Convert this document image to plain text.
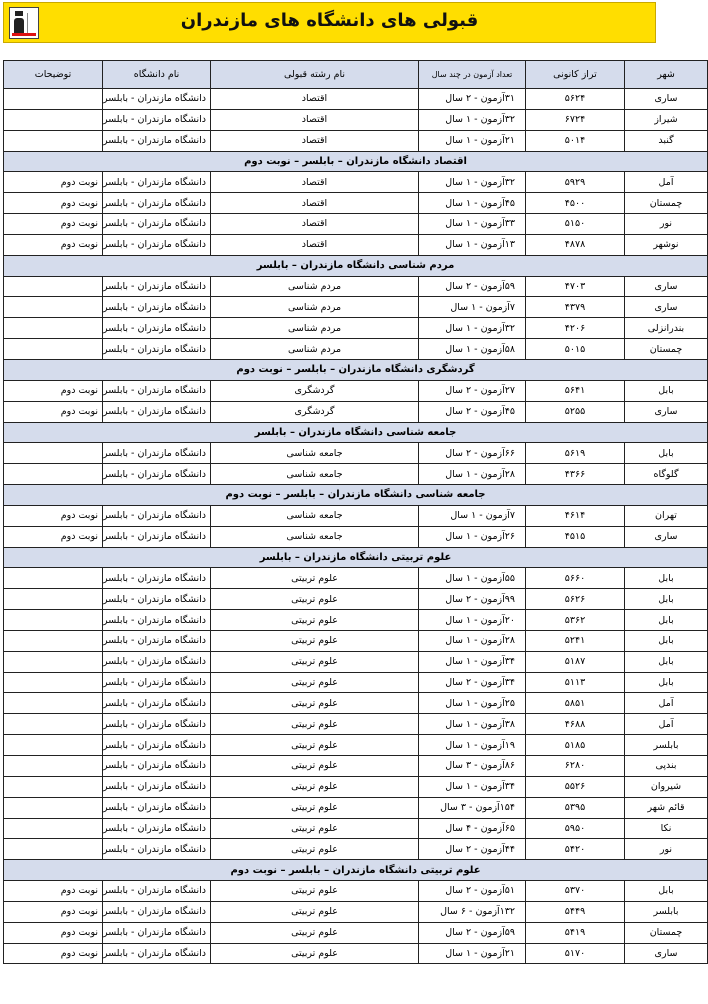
قبولی های دانشگاه های مازندران
شهر	تراز کانونی	تعداد آزمون در چند سال	نام رشته قبولی	نام دانشگاه	توضیحات
ساری	۵۶۲۴	۳۱آزمون - ۲ سال	اقتصاد	دانشگاه مازندران - بابلسر	
شیراز	۶۷۲۴	۳۲آزمون - ۱ سال	اقتصاد	دانشگاه مازندران - بابلسر	
گنبد	۵۰۱۴	۲۱آزمون - ۱ سال	اقتصاد	دانشگاه مازندران - بابلسر	
اقتصاد دانشگاه مازندران – بابلسر – نوبت دوم					
آمل	۵۹۲۹	۳۲آزمون - ۱ سال	اقتصاد	دانشگاه مازندران - بابلسر	نوبت دوم
چمستان	۴۵۰۰	۴۵آزمون - ۱ سال	اقتصاد	دانشگاه مازندران - بابلسر	نوبت دوم
نور	۵۱۵۰	۳۳آزمون - ۱ سال	اقتصاد	دانشگاه مازندران - بابلسر	نوبت دوم
نوشهر	۴۸۷۸	۱۳آزمون - ۱ سال	اقتصاد	دانشگاه مازندران - بابلسر	نوبت دوم
مردم شناسی دانشگاه مازندران – بابلسر					
ساری	۴۷۰۳	۵۹آزمون - ۲ سال	مردم شناسی	دانشگاه مازندران - بابلسر	
ساری	۴۳۷۹	۷آزمون - ۱ سال	مردم شناسی	دانشگاه مازندران - بابلسر	
بندرانزلی	۴۲۰۶	۳۲آزمون - ۱ سال	مردم شناسی	دانشگاه مازندران - بابلسر	
چمستان	۵۰۱۵	۵۸آزمون - ۱ سال	مردم شناسی	دانشگاه مازندران - بابلسر	
گردشگری دانشگاه مازندران – بابلسر – نوبت دوم					
بابل	۵۶۴۱	۲۷آزمون - ۲ سال	گردشگری	دانشگاه مازندران - بابلسر	نوبت دوم
ساری	۵۲۵۵	۴۵آزمون - ۲ سال	گردشگری	دانشگاه مازندران - بابلسر	نوبت دوم
جامعه شناسی دانشگاه مازندران – بابلسر					
بابل	۵۶۱۹	۶۶آزمون - ۲ سال	جامعه شناسی	دانشگاه مازندران - بابلسر	
گلوگاه	۴۳۶۶	۲۸آزمون - ۱ سال	جامعه شناسی	دانشگاه مازندران - بابلسر	
جامعه شناسی دانشگاه مازندران – بابلسر – نوبت دوم					
تهران	۴۶۱۴	۷آزمون - ۱ سال	جامعه شناسی	دانشگاه مازندران - بابلسر	نوبت دوم
ساری	۴۵۱۵	۲۶آزمون - ۱ سال	جامعه شناسی	دانشگاه مازندران - بابلسر	نوبت دوم
علوم تربیتی دانشگاه مازندران – بابلسر					
بابل	۵۶۶۰	۵۵آزمون - ۱ سال	علوم تربیتی	دانشگاه مازندران - بابلسر	
بابل	۵۶۲۶	۹۹آزمون - ۲ سال	علوم تربیتی	دانشگاه مازندران - بابلسر	
بابل	۵۳۶۲	۲۰آزمون - ۱ سال	علوم تربیتی	دانشگاه مازندران - بابلسر	
بابل	۵۲۴۱	۲۸آزمون - ۱ سال	علوم تربیتی	دانشگاه مازندران - بابلسر	
بابل	۵۱۸۷	۳۴آزمون - ۱ سال	علوم تربیتی	دانشگاه مازندران - بابلسر	
بابل	۵۱۱۳	۳۴آزمون - ۲ سال	علوم تربیتی	دانشگاه مازندران - بابلسر	
آمل	۵۸۵۱	۲۵آزمون - ۱ سال	علوم تربیتی	دانشگاه مازندران - بابلسر	
آمل	۴۶۸۸	۳۸آزمون - ۱ سال	علوم تربیتی	دانشگاه مازندران - بابلسر	
بابلسر	۵۱۸۵	۱۹آزمون - ۱ سال	علوم تربیتی	دانشگاه مازندران - بابلسر	
بندپی	۶۲۸۰	۸۶آزمون - ۳ سال	علوم تربیتی	دانشگاه مازندران - بابلسر	
شیروان	۵۵۲۶	۳۴آزمون - ۱ سال	علوم تربیتی	دانشگاه مازندران - بابلسر	
قائم شهر	۵۳۹۵	۱۵۴آزمون - ۳ سال	علوم تربیتی	دانشگاه مازندران - بابلسر	
نکا	۵۹۵۰	۶۵آزمون - ۴ سال	علوم تربیتی	دانشگاه مازندران - بابلسر	
نور	۵۴۲۰	۴۴آزمون - ۲ سال	علوم تربیتی	دانشگاه مازندران - بابلسر	
علوم تربیتی دانشگاه مازندران – بابلسر – نوبت دوم					
بابل	۵۳۷۰	۵۱آزمون - ۲ سال	علوم تربیتی	دانشگاه مازندران - بابلسر	نوبت دوم
بابلسر	۵۴۴۹	۱۳۲آزمون - ۶ سال	علوم تربیتی	دانشگاه مازندران - بابلسر	نوبت دوم
چمستان	۵۴۱۹	۵۹آزمون - ۲ سال	علوم تربیتی	دانشگاه مازندران - بابلسر	نوبت دوم
ساری	۵۱۷۰	۲۱آزمون - ۱ سال	علوم تربیتی	دانشگاه مازندران - بابلسر	نوبت دوم
